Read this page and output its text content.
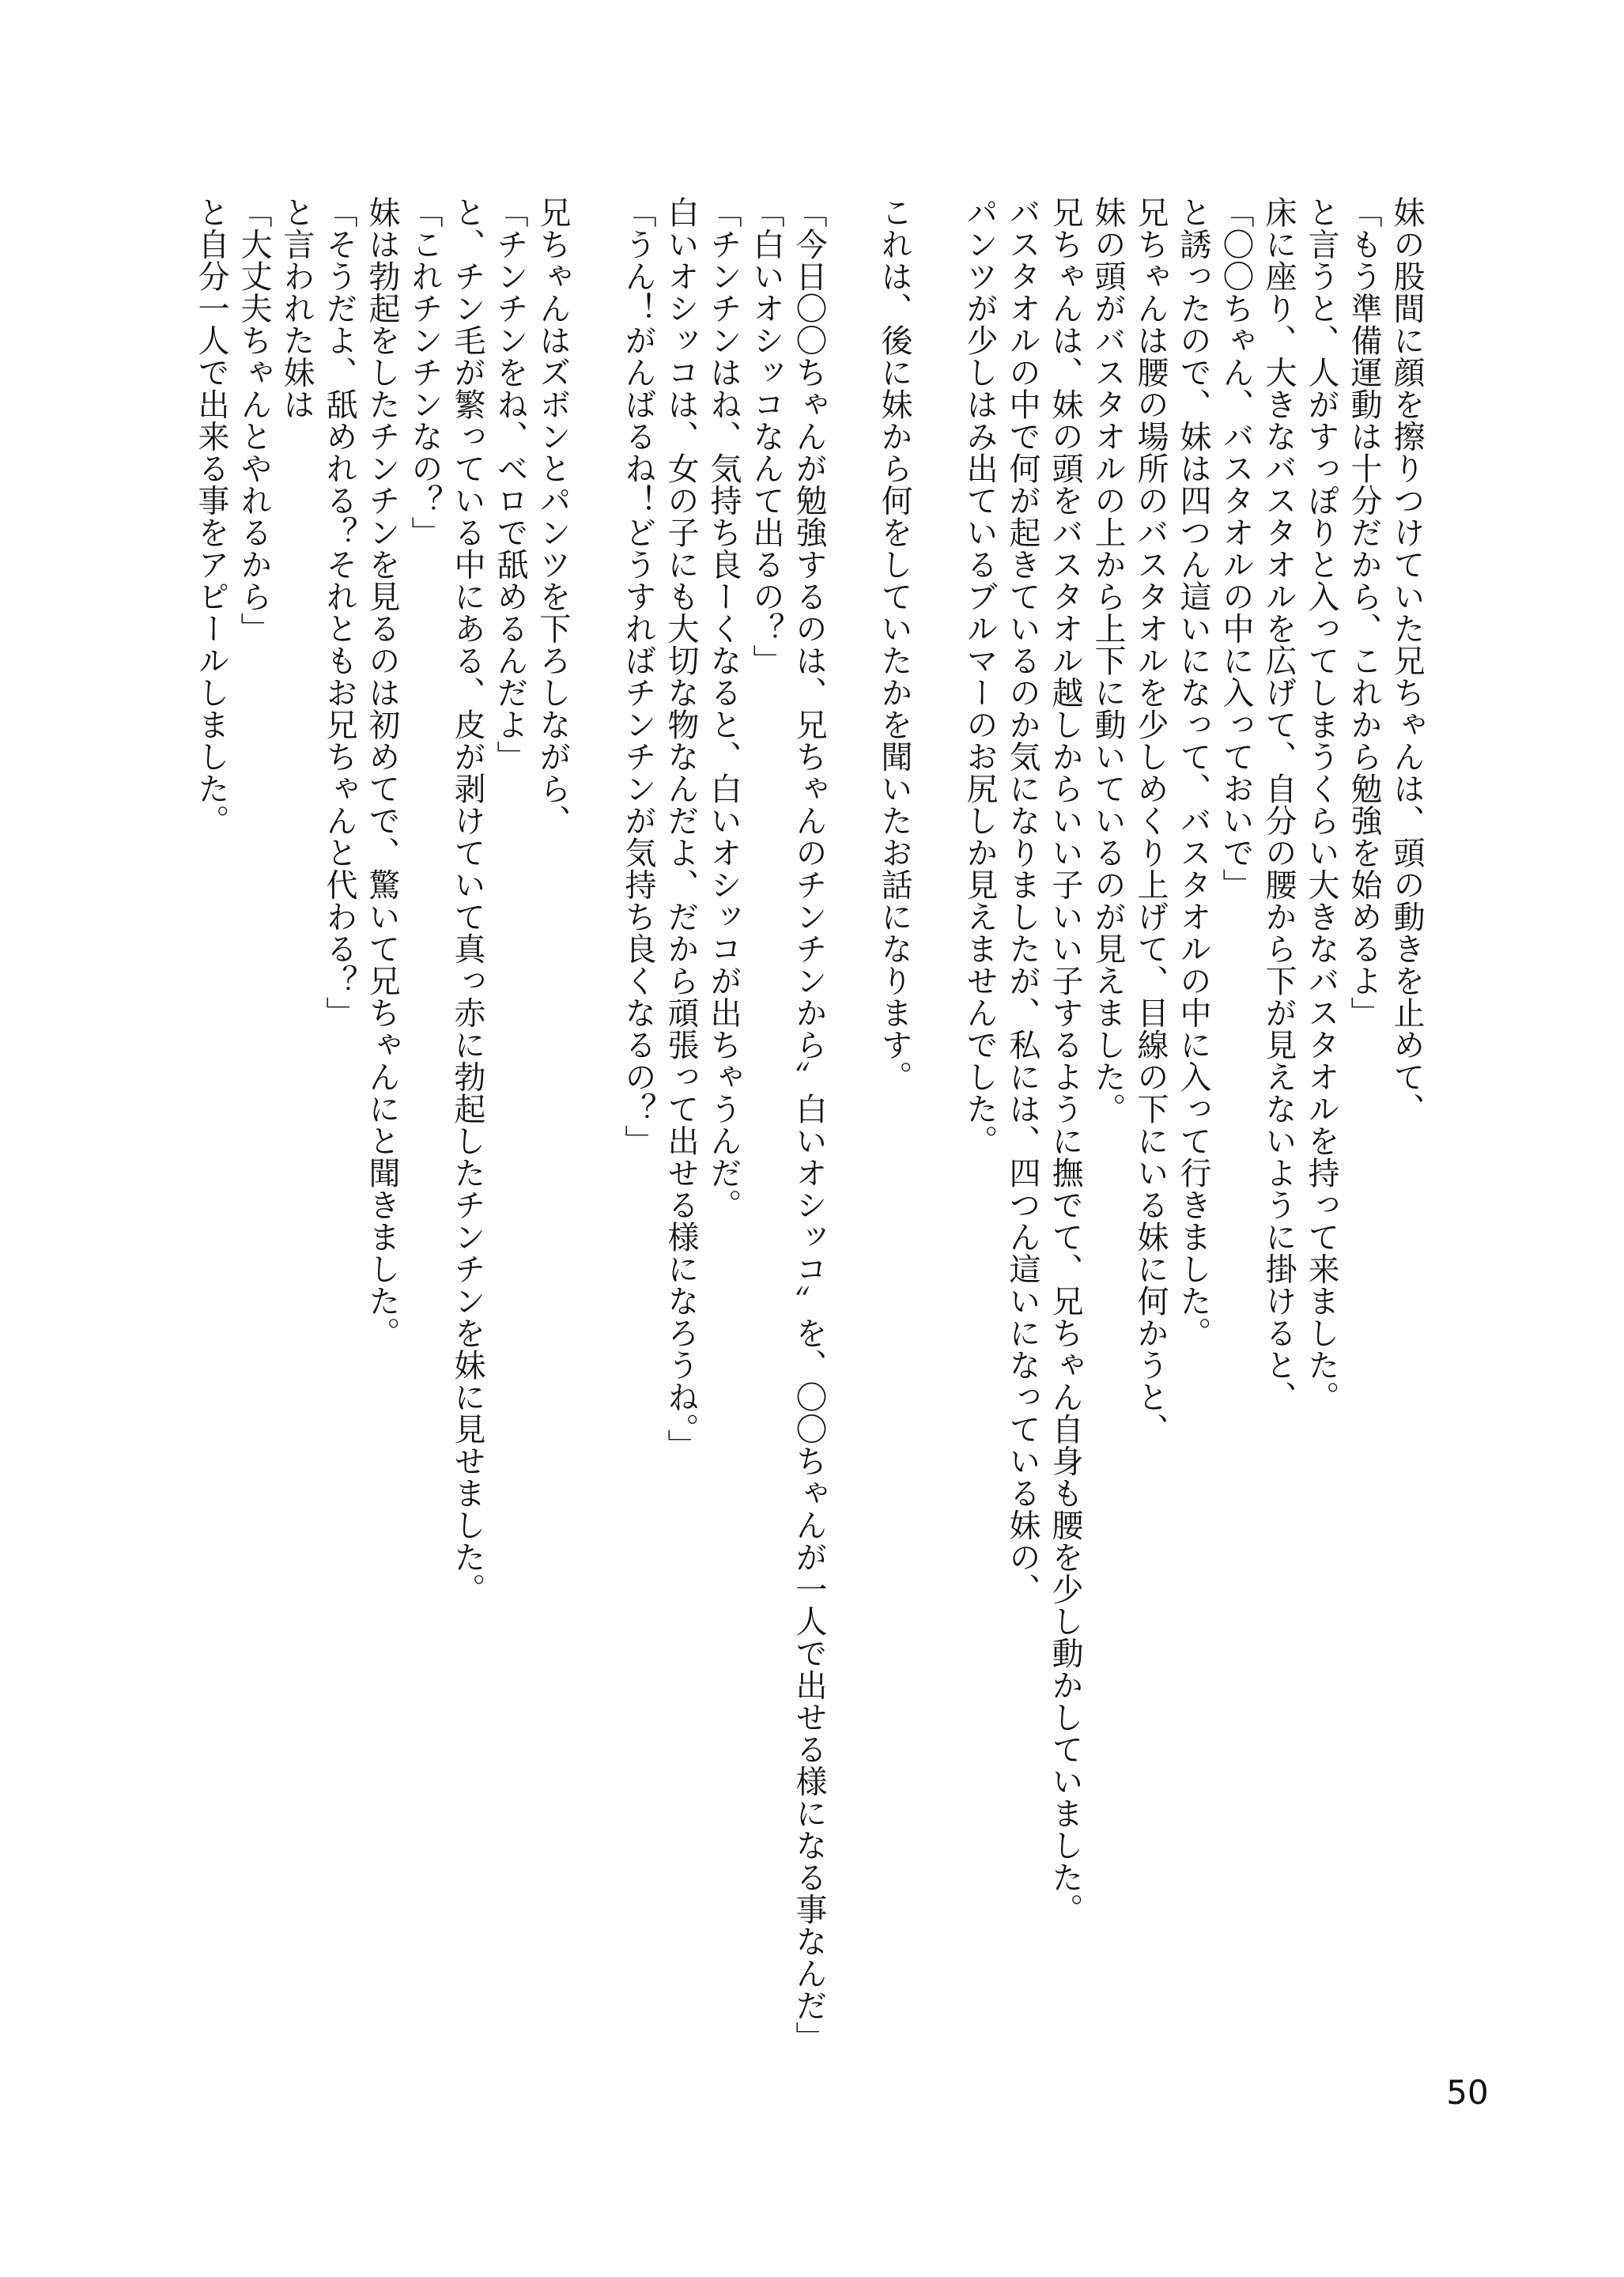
妹の股間に顔を擦りつけていた兄ちゃんは、頭の動きを止めて、
「もう準備運動は十分だから、これから勉強を始めるよ」
と言うと、人がすっぽりと入ってしまうくらい大きなバスタオルを持って来ました。
床に座り、大きなバスタオルを広げて、自分の腰から下が見えないように掛けると、
「〇〇ちゃん、バスタオルの中に入っておいで」
と誘ったので、妹は四つん這いになって、バスタオルの中に入って行きました。
兄ちゃんは腰の場所のバスタオルを少しめくり上げて、目線の下にいる妹に何かうと、
妹の頭がバスタオルの上から上下に動いているのが見えました。
兄ちゃんは、妹の頭をバスタオル越しからいい子いい子するように撫でて、兄ちゃん自身も腰を少し動かしていました。
バスタオルの中で何が起きているのか気になりましたが、私には、四つん這いになっている妹の、
パンツが少しはみ出ているブルマーのお尻しか見えませんでした。
これは、後に妹から何をしていたかを聞いたお話になります。
「今日〇〇ちゃんが勉強するのは、兄ちゃんのチンチンから〞白いオシッコ〞を、〇〇ちゃんが一人で出せる様になる事なんだ」
「白いオシッコなんて出るの？」
「チンチンはね、気持ち良ーくなると、白いオシッコが出ちゃうんだ。
白いオシッコは、女の子にも大切な物なんだよ、だから頑張って出せる様になろうね。」
「うん！がんばるね！どうすればチンチンが気持ち良くなるの？」
兄ちゃんはズボンとパンツを下ろしながら、
「チンチンをね、ベロで舐めるんだよ」
と、チン毛が繁っている中にある、皮が剥けていて真っ赤に勃起したチンチンを妹に見せました。
「これチンチンなの？」
妹は勃起をしたチンチンを見るのは初めてで、驚いて兄ちゃんにと聞きました。
「そうだよ、舐めれる？それともお兄ちゃんと代わる？」
と言われた妹は
「大丈夫ちゃんとやれるから」
と自分一人で出来る事をアピールしました。
50
